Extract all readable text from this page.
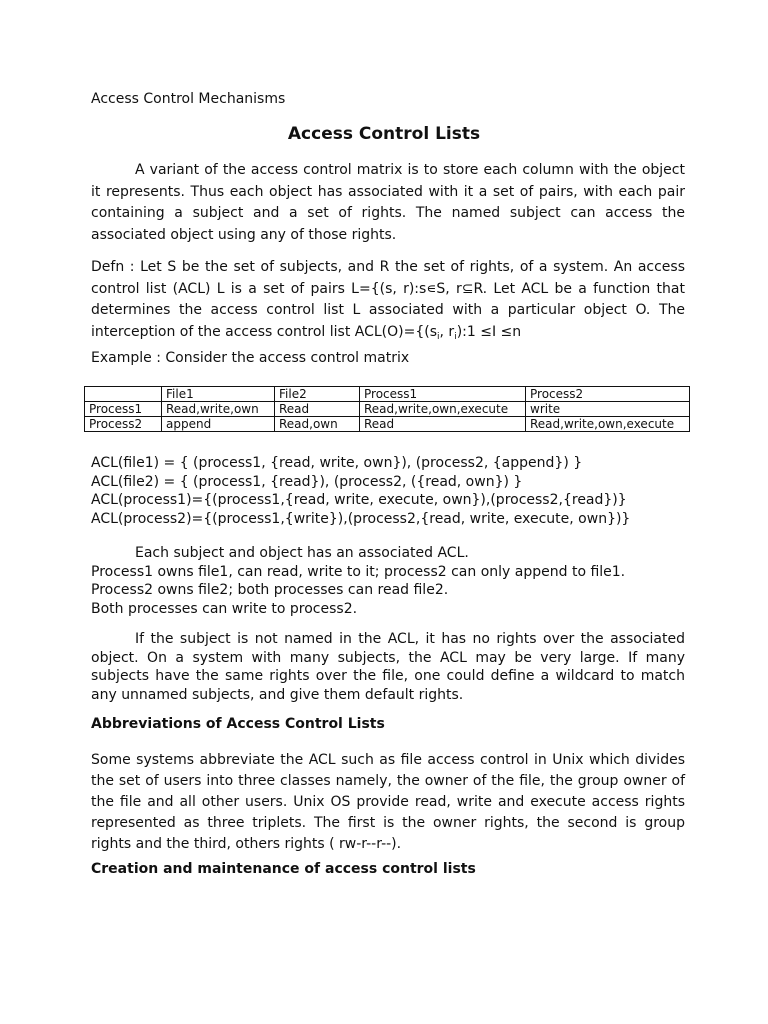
Access Control Mechanisms
Access Control Lists

A variant of the access control matrix is to store each column with the object it represents. Thus each object has associated with it a set of pairs, with each pair containing a subject and a set of rights. The named subject can access the associated object using any of those rights.

Defn : Let S be the set of subjects, and R the set of rights, of a system. An access control list (ACL) L is a set of pairs L={(s, r):s∊S, r⊆R. Let ACL be a function that determines the access control list L associated with a particular object O. The interception of the access control list $ACL(O)=\{(s_i$, $r_i):1 \le I \le n$

Example : Consider the access control matrix
	File1	File2	Process1	Process2
Process1	Read,write,own	Read	Read,write,own,execute	write
Process2	append	Read,own	Read	Read,write,own,execute
ACL(file1) = { (process1, {read, write, own}), (process2, {append}) }
ACL(file2) = { (process1, {read}), (process2, ({read, own}) }
ACL(process1)={(process1,{read, write, execute, own}),(process2,{read})}
ACL(process2)={(process1,{write}),(process2,{read, write, execute, own})}
Each subject and object has an associated ACL.
Process1 owns file1, can read, write to it; process2 can only append to file1.
Process2 owns file2; both processes can read file2.
Both processes can write to process2.

If the subject is not named in the ACL, it has no rights over the associated object. On a system with many subjects, the ACL may be very large. If many subjects have the same rights over the file, one could define a wildcard to match any unnamed subjects, and give them default rights.

Abbreviations of Access Control Lists

Some systems abbreviate the ACL such as file access control in Unix which divides the set of users into three classes namely, the owner of the file, the group owner of the file and all other users. Unix OS provide read, write and execute access rights represented as three triplets. The first is the owner rights, the second is group rights and the third, others rights ( rw-r--r--).

Creation and maintenance of access control lists
